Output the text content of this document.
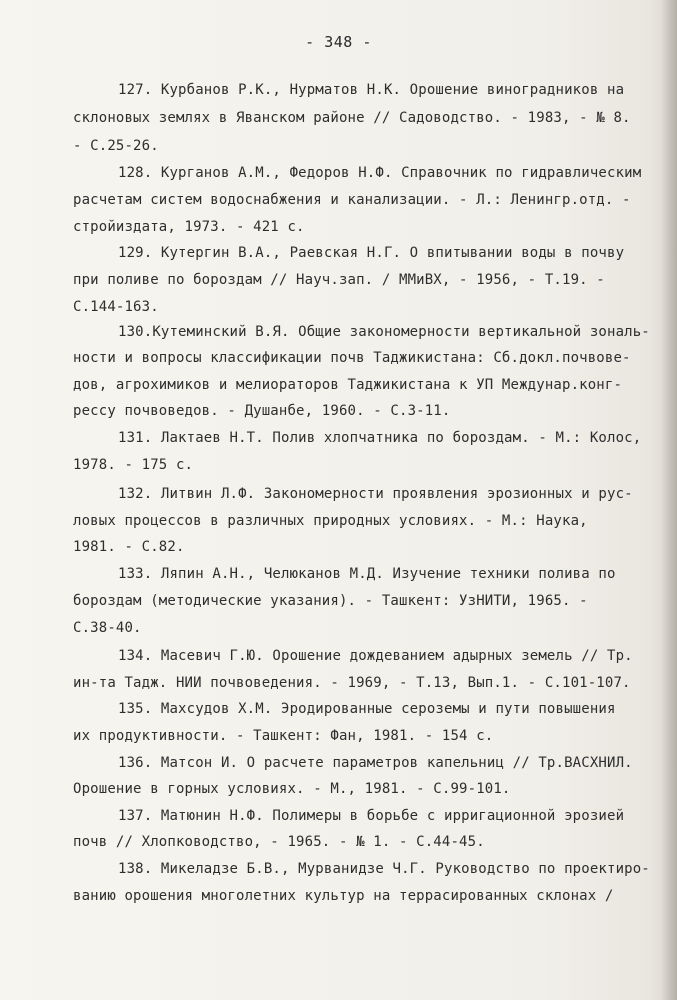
- 348 -
127. Курбанов Р.К., Нурматов Н.К. Орошение виноградников на
склоновых землях в Яванском районе // Садоводство. - 1983, - № 8.
- С.25-26.
128. Курганов А.М., Федоров Н.Ф. Справочник по гидравлическим
расчетам систем водоснабжения и канализации. - Л.: Ленингр.отд. -
стройиздата, 1973. - 421 с.
129. Кутергин В.А., Раевская Н.Г. О впитывании воды в почву
при поливе по бороздам // Науч.зап. / ММиВХ, - 1956, - Т.19. -
С.144-163.
130.Кутеминский В.Я. Общие закономерности вертикальной зональ-
ности и вопросы классификации почв Таджикистана: Сб.докл.почвове-
дов, агрохимиков и мелиораторов Таджикистана к УП Междунар.конг-
рессу почвоведов. - Душанбе, 1960. - С.3-11.
131. Лактаев Н.Т. Полив хлопчатника по бороздам. - М.: Колос,
1978. - 175 с.
132. Литвин Л.Ф. Закономерности проявления эрозионных и рус-
ловых процессов в различных природных условиях. - М.: Наука,
1981. - С.82.
133. Ляпин А.Н., Челюканов М.Д. Изучение техники полива по
бороздам (методические указания). - Ташкент: УзНИТИ, 1965. -
С.38-40.
134. Масевич Г.Ю. Орошение дождеванием адырных земель // Тр.
ин-та Тадж. НИИ почвоведения. - 1969, - Т.13, Вып.1. - С.101-107.
135. Махсудов Х.М. Эродированные сероземы и пути повышения
их продуктивности. - Ташкент: Фан, 1981. - 154 с.
136. Матсон И. О расчете параметров капельниц // Тр.ВАСХНИЛ.
Орошение в горных условиях. - М., 1981. - С.99-101.
137. Матюнин Н.Ф. Полимеры в борьбе с ирригационной эрозией
почв // Хлопководство, - 1965. - № 1. - С.44-45.
138. Микеладзе Б.В., Мурванидзе Ч.Г. Руководство по проектиро-
ванию орошения многолетних культур на террасированных склонах /
